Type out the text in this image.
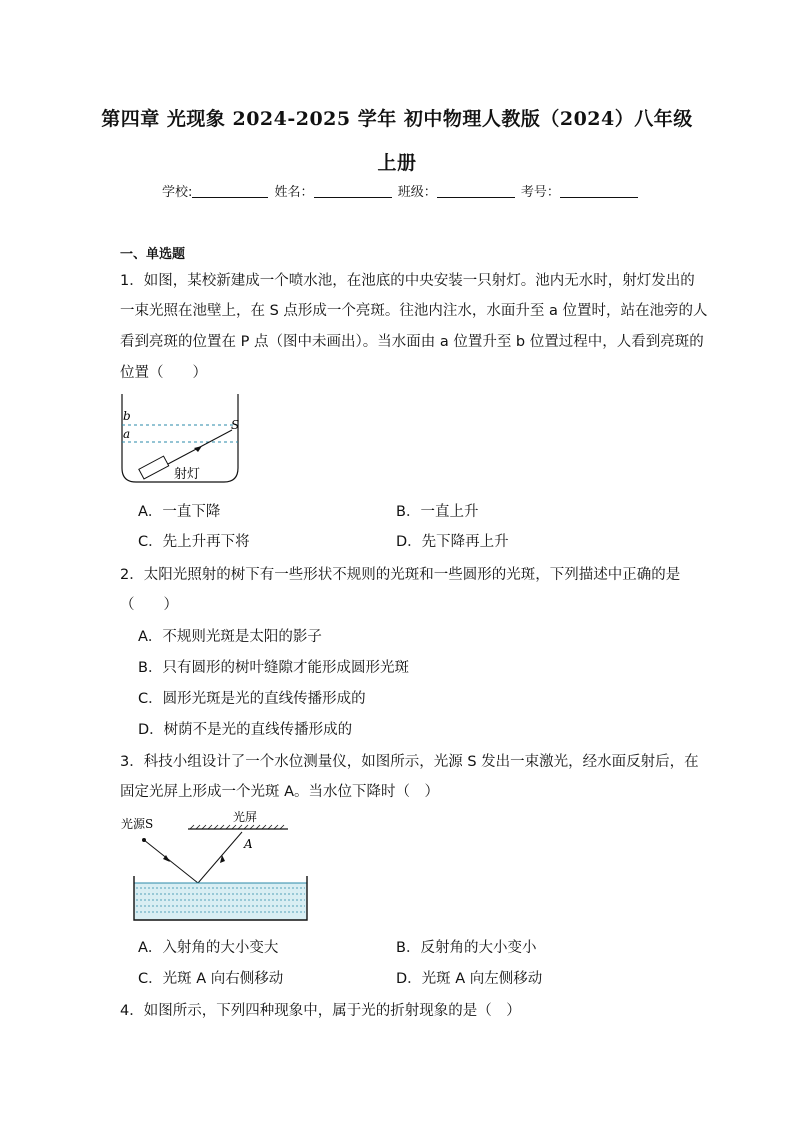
第四章 光现象 2024-2025 学年 初中物理人教版（2024）八年级
上册
学校:	姓名：	班级：	考号：
一、单选题
1．如图，某校新建成一个喷水池，在池底的中央安装一只射灯。池内无水时，射灯发出的
一束光照在池壁上，在 S 点形成一个亮斑。往池内注水，水面升至 a 位置时，站在池旁的人
看到亮斑的位置在 P 点（图中未画出）。当水面由 a 位置升至 b 位置过程中，人看到亮斑的
位置（　　）
b
a
S
射灯
A．一直下降	B．一直上升
C．先上升再下将	D．先下降再上升
2．太阳光照射的树下有一些形状不规则的光斑和一些圆形的光斑，下列描述中正确的是
（　　）
A．不规则光斑是太阳的影子
B．只有圆形的树叶缝隙才能形成圆形光斑
C．圆形光斑是光的直线传播形成的
D．树荫不是光的直线传播形成的
3．科技小组设计了一个水位测量仪，如图所示，光源 S 发出一束激光，经水面反射后，在
固定光屏上形成一个光斑 A。当水位下降时（　）
光源S	光屏
A
A．入射角的大小变大	B．反射角的大小变小
C．光斑 A 向右侧移动	D．光斑 A 向左侧移动
4．如图所示，下列四种现象中，属于光的折射现象的是（　）
